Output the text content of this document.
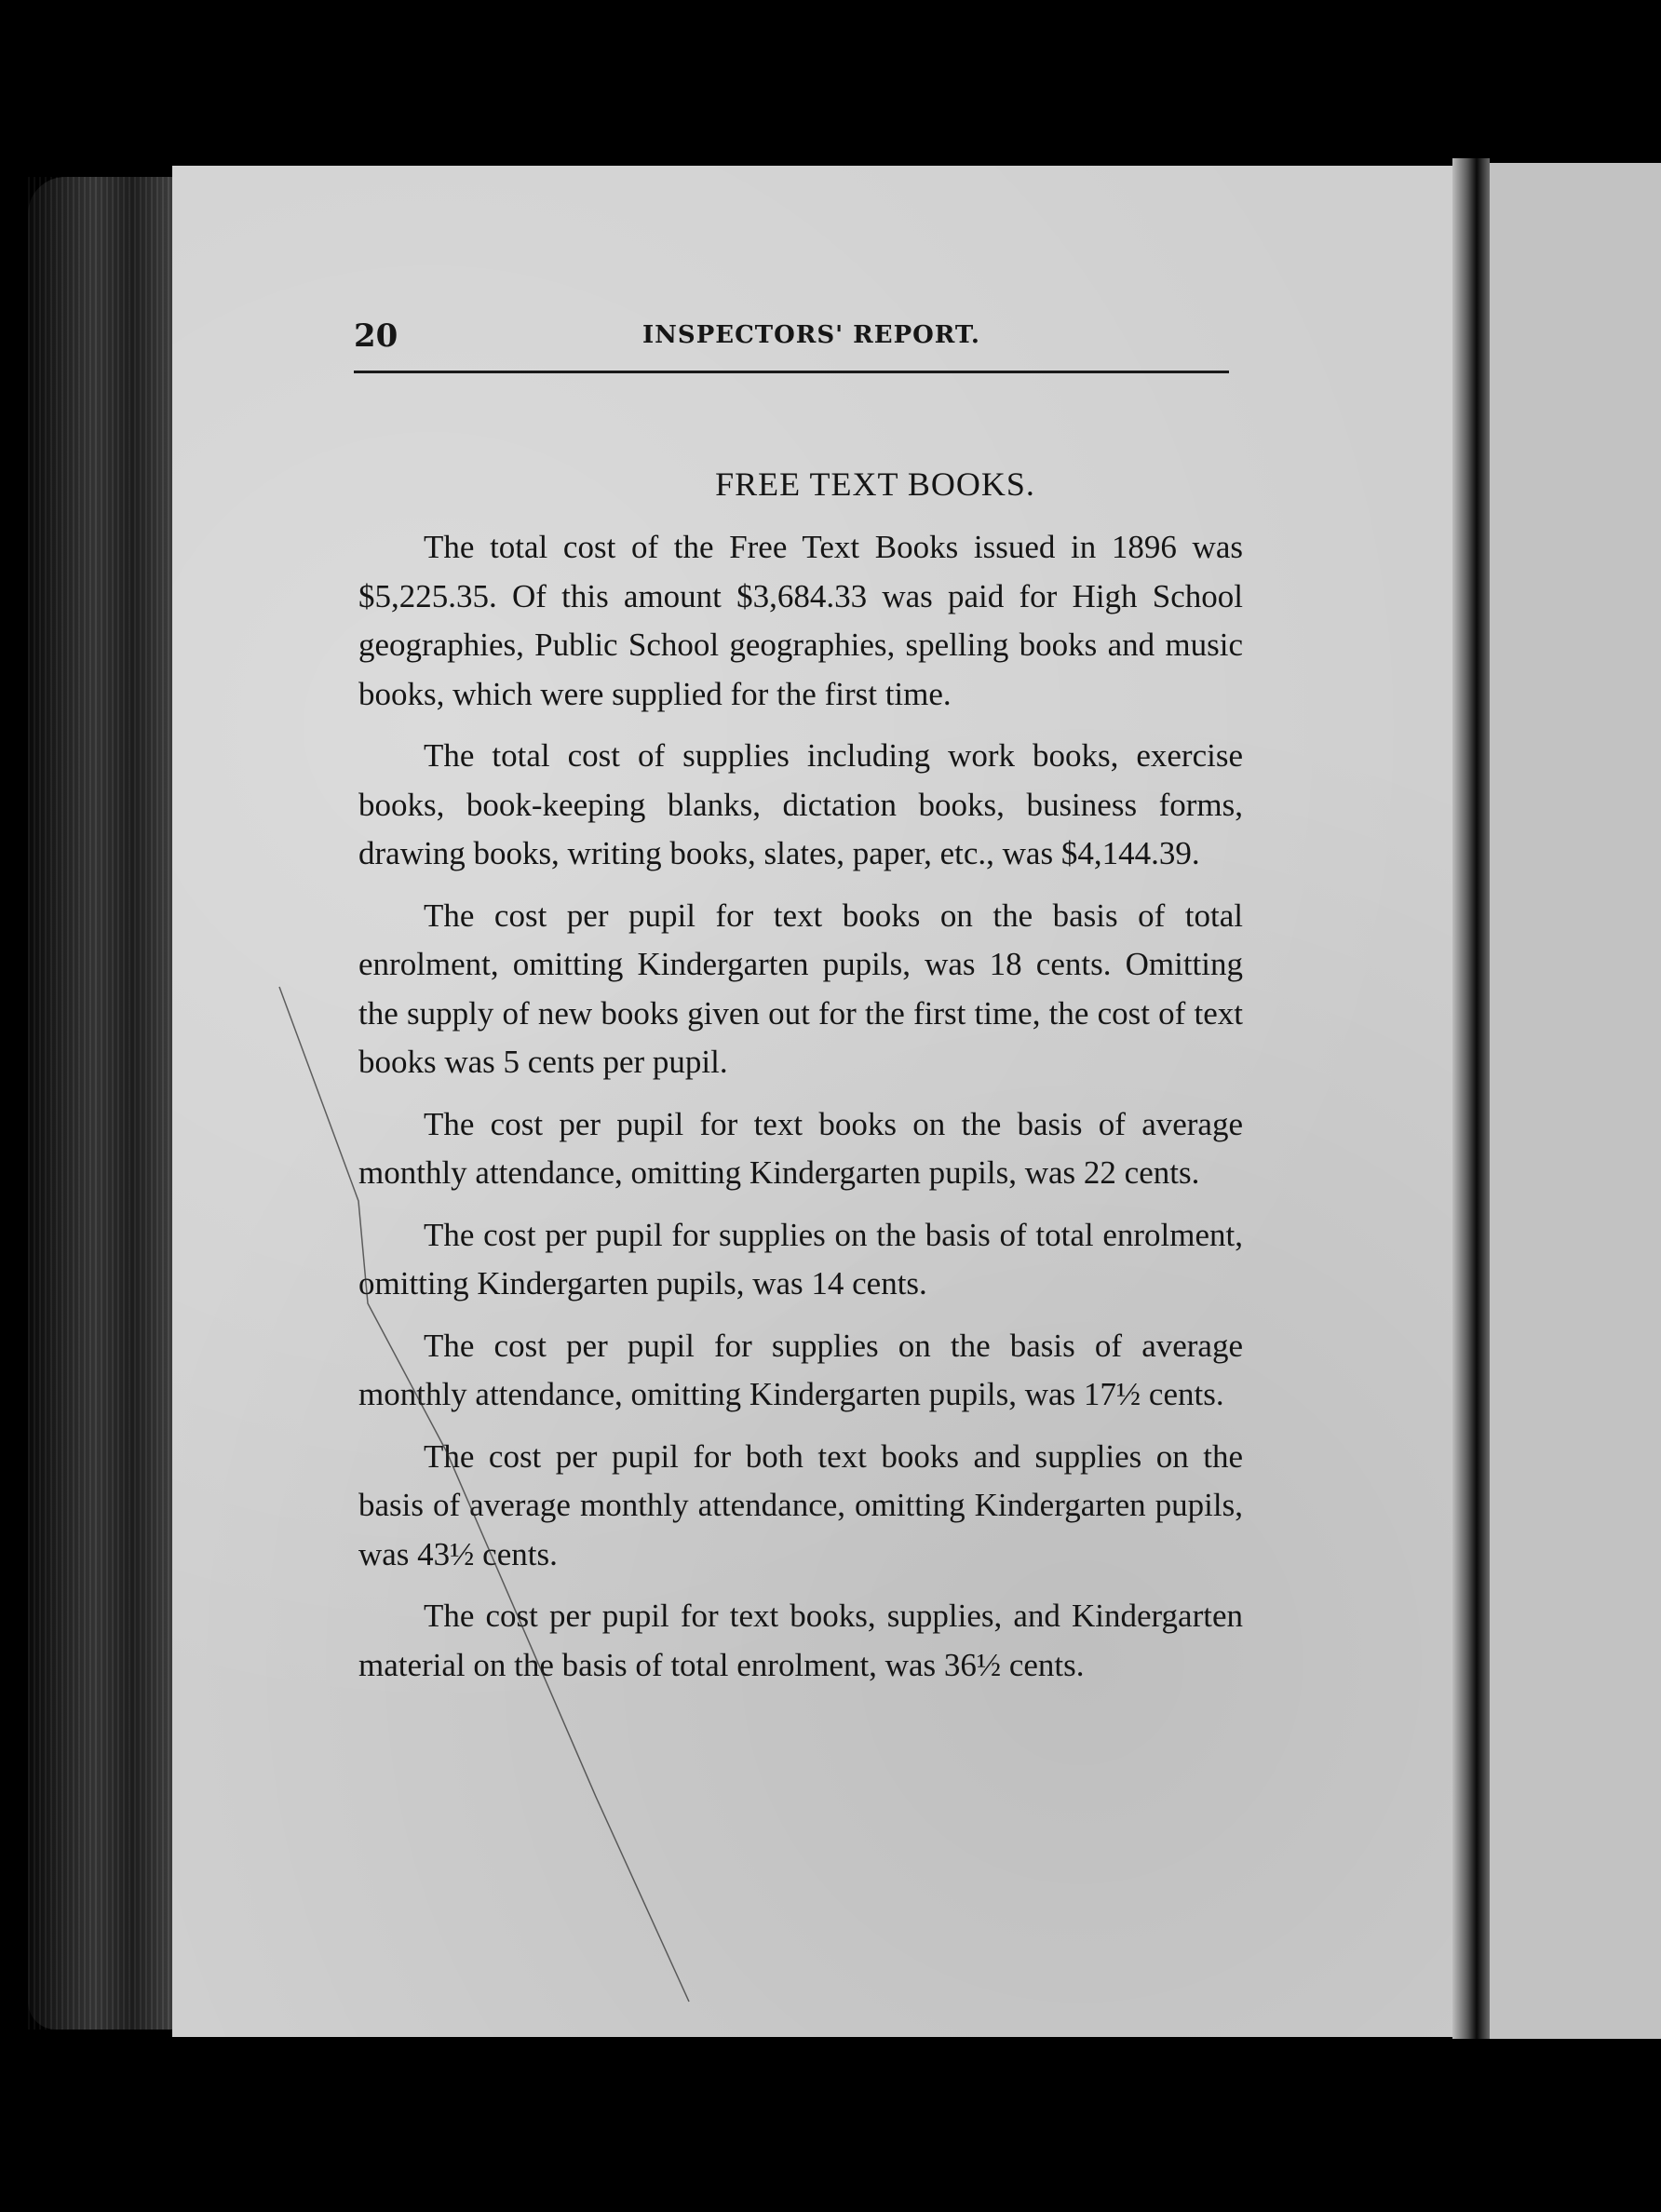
20	INSPECTORS' REPORT.
FREE TEXT BOOKS.

The total cost of the Free Text Books issued in 1896 was $5,225.35. Of this amount $3,684.33 was paid for High School geographies, Public School geographies, spelling books and music books, which were supplied for the first time.

The total cost of supplies including work books, exercise books, book-keeping blanks, dictation books, business forms, drawing books, writing books, slates, paper, etc., was $4,144.39.

The cost per pupil for text books on the basis of total enrolment, omitting Kindergarten pupils, was 18 cents. Omitting the supply of new books given out for the first time, the cost of text books was 5 cents per pupil.

The cost per pupil for text books on the basis of average monthly attendance, omitting Kindergarten pupils, was 22 cents.

The cost per pupil for supplies on the basis of total enrolment, omitting Kindergarten pupils, was 14 cents.

The cost per pupil for supplies on the basis of average monthly attendance, omitting Kindergarten pupils, was 17½ cents.

The cost per pupil for both text books and supplies on the basis of average monthly attendance, omitting Kindergarten pupils, was 43½ cents.

The cost per pupil for text books, supplies, and Kindergarten material on the basis of total enrolment, was 36½ cents.
